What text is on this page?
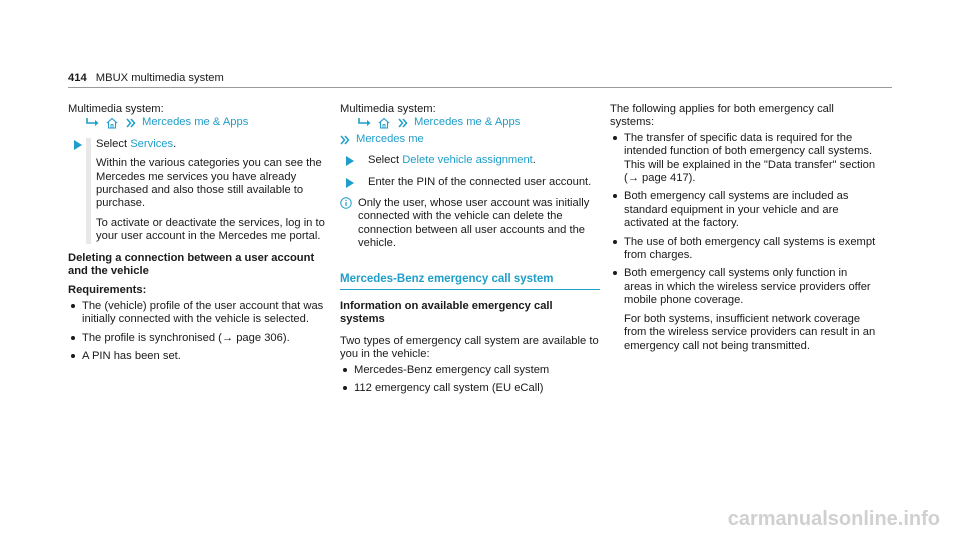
414 MBUX multimedia system

Multimedia system:

Mercedes me & Apps

Select Services.

Within the various categories you can see the Mercedes me services you have already purchased and also those still available to purchase.

To activate or deactivate the services, log in to your user account in the Mercedes me portal.

Deleting a connection between a user account and the vehicle

Requirements:

The (vehicle) profile of the user account that was initially connected with the vehicle is selected.
The profile is synchronised (→ page 306).
A PIN has been set.

Multimedia system:

Mercedes me & Apps
Mercedes me

Select Delete vehicle assignment.

Enter the PIN of the connected user account.

Only the user, whose user account was initially connected with the vehicle can delete the connection between all user accounts and the vehicle.

Mercedes-Benz emergency call system

Information on available emergency call systems

Two types of emergency call system are available to you in the vehicle:

Mercedes-Benz emergency call system
112 emergency call system (EU eCall)

The following applies for both emergency call systems:

The transfer of specific data is required for the intended function of both emergency call systems. This will be explained in the "Data transfer" section (→ page 417).
Both emergency call systems are included as standard equipment in your vehicle and are activated at the factory.
The use of both emergency call systems is exempt from charges.

Both emergency call systems only function in areas in which the wireless service providers offer mobile phone coverage.

For both systems, insufficient network coverage from the wireless service providers can result in an emergency call not being transmitted.

carmanualsonline.info
